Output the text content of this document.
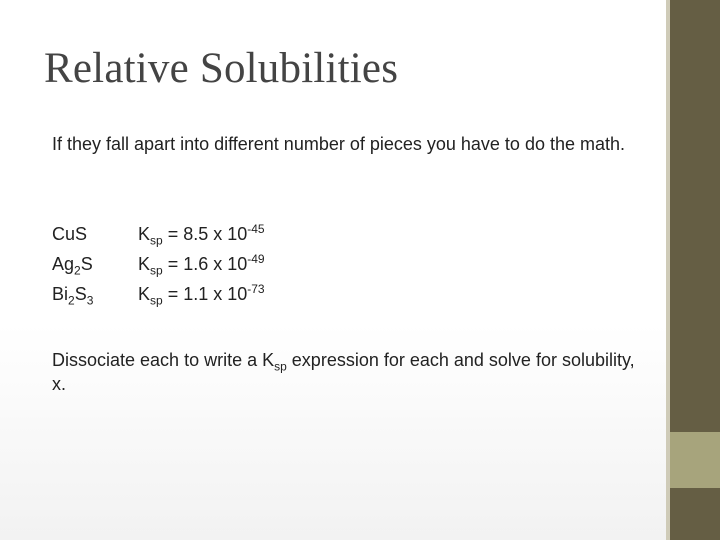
Relative Solubilities
If they fall apart into different number of pieces you have to do the math.
CuS	$K_{sp} = 8.5$ x $10^{-45}$
$Ag_2S$	$K_{sp} = 1.6$ x $10^{-49}$
$Bi_2S_3$ $K_{sp} = 1.1$ x $10^{-73}$
Dissociate each to write a $K_{sp}$ expression for each and solve for solubility, x.
